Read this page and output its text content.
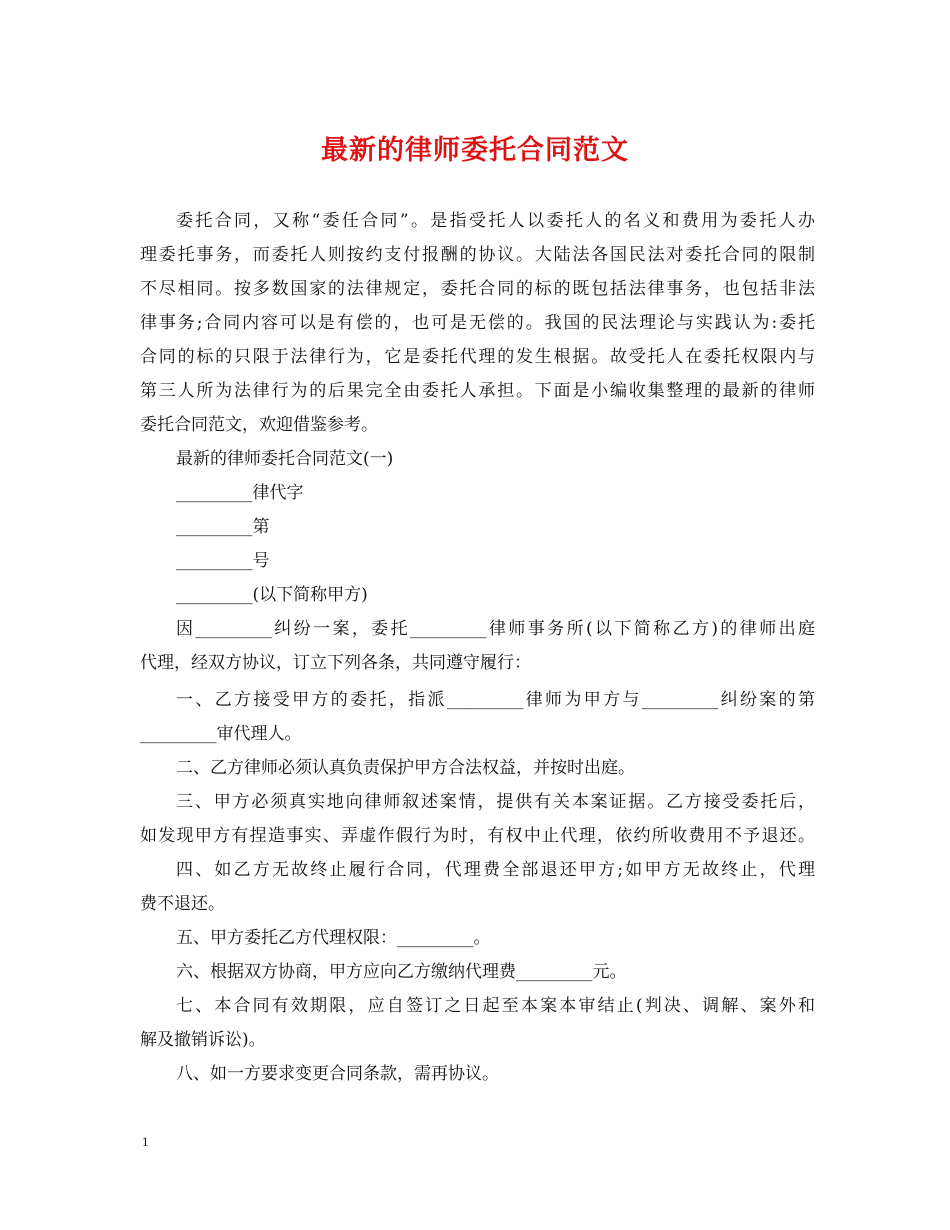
最新的律师委托合同范文
委托合同，又称“委任合同”。是指受托人以委托人的名义和费用为委托人办
理委托事务，而委托人则按约支付报酬的协议。大陆法各国民法对委托合同的限制
不尽相同。按多数国家的法律规定，委托合同的标的既包括法律事务，也包括非法
律事务;合同内容可以是有偿的，也可是无偿的。我国的民法理论与实践认为:委托
合同的标的只限于法律行为，它是委托代理的发生根据。故受托人在委托权限内与
第三人所为法律行为的后果完全由委托人承担。下面是小编收集整理的最新的律师
委托合同范文，欢迎借鉴参考。
最新的律师委托合同范文(一)
_________律代字
_________第
_________号
_________(以下简称甲方)
因_________纠纷一案，委托_________律师事务所(以下简称乙方)的律师出庭
代理，经双方协议，订立下列各条，共同遵守履行：
一、乙方接受甲方的委托，指派_________律师为甲方与_________纠纷案的第
_________审代理人。
二、乙方律师必须认真负责保护甲方合法权益，并按时出庭。
三、甲方必须真实地向律师叙述案情，提供有关本案证据。乙方接受委托后，
如发现甲方有捏造事实、弄虚作假行为时，有权中止代理，依约所收费用不予退还。
四、如乙方无故终止履行合同，代理费全部退还甲方;如甲方无故终止，代理
费不退还。
五、甲方委托乙方代理权限：_________。
六、根据双方协商，甲方应向乙方缴纳代理费_________元。
七、本合同有效期限，应自签订之日起至本案本审结止(判决、调解、案外和
解及撤销诉讼)。
八、如一方要求变更合同条款，需再协议。
1
